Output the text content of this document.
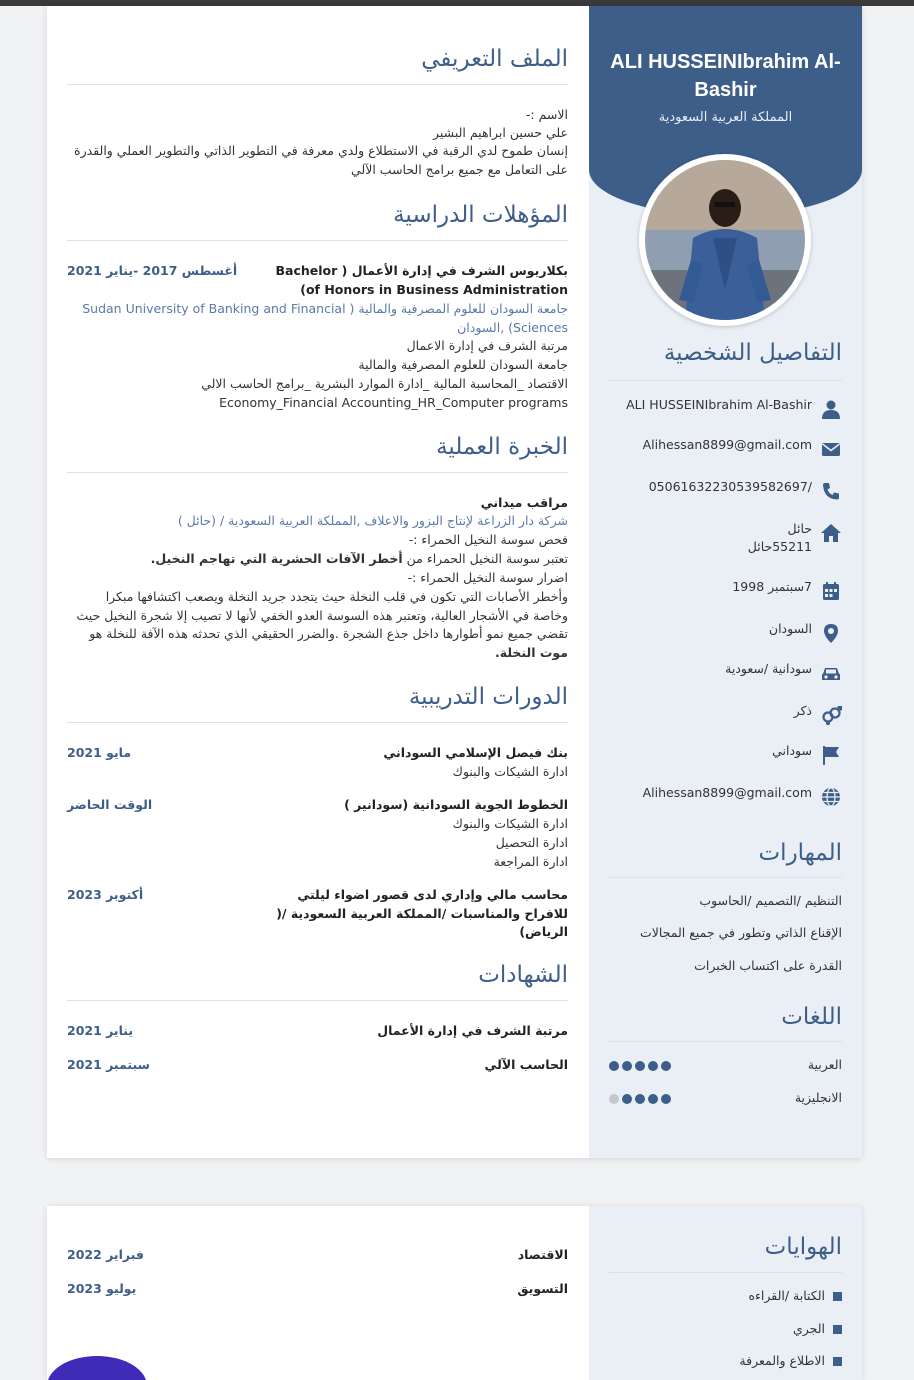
ALI HUSSEINIbrahim Al-Bashir
المملكة العربية السعودية
التفاصيل الشخصية
ALI HUSSEINIbrahim Al-Bashir
Alihessan8899@gmail.com
0506163223053958269​7/
حائل
55211حائل
7سبتمبر 1998
السودان
سودانية /سعودية
ذكر
سوداني
Alihessan8899@gmail.com
المهارات
التنظيم /التصميم /الحاسوب
الإقناع الذاتي وتطور في جميع المجالات
القدرة على اكتساب الخبرات
اللغات
العربية
الانجليزية
الملف التعريفي
الاسم :-
علي حسين ابراهيم البشير
إنسان طموح لدي الرقبة في الاستطلاع ولدي معرفة في التطوير الذاتي والتطوير العملي والقدرة على التعامل مع جميع برامج الحاسب الآلي
المؤهلات الدراسية
بكلاريوس الشرف في إدارة الأعمال ( Bachelor of Honors in Business Administration)
أغسطس 2017 -يناير 2021
جامعة السودان للعلوم المصرفية والمالية ( Sudan University of Banking and Financial Sciences) ,السودان
مرتبة الشرف في إدارة الاعمال
جامعة السودان للعلوم المصرفية والمالية
الاقتصاد _المحاسبة المالية _ادارة الموارد البشرية _برامج الحاسب الالي
Economy_Financial Accounting_HR_Computer programs
الخبرة العملية
مراقب ميداني
شركة دار الزراعة لإنتاج البزور والاعلاف ,المملكة العربية السعودية / (حائل )
فحص سوسة النخيل الحمراء :-
تعتبر سوسة النخيل الحمراء من أخطر الآفات الحشرية التي تهاجم النخيل.
اضرار سوسة النخيل الحمراء :-
وأخطر الأصابات التي تكون في قلب النخلة حيث يتجدد جريد النخلة ويصعب اكتشافها مبكرا وخاصة في الأشجار العالية، وتعتبر هذه السوسة العدو الخفي لأنها لا تصيب إلا شجرة النخيل حيث تقضي جميع نمو أطوارها داخل جذع الشجرة .والضرر الحقيقي الذي تحدثه هذه الآفة للنخلة هو موت النخلة.
الدورات التدريبية
بنك فيصل الإسلامي السوداني
مايو 2021
ادارة الشيكات والبنوك
الخطوط الجوية السودانية (سودانير )
الوقت الحاضر
ادارة الشيكات والبنوك
ادارة التحصيل
ادارة المراجعة
محاسب مالي وإداري لدى قصور اضواء ليلتي للافراح والمناسبات /المملكة العربية السعودية /( الرياض)
أكتوبر 2023
الشهادات
مرتبة الشرف في إدارة الأعمال
يناير 2021
الحاسب الآلي
سبتمبر 2021
الهوايات
الكتابة /القراءه
الجري
الاطلاع والمعرفة
الاقتصاد
فبراير 2022
التسويق
يوليو 2023
